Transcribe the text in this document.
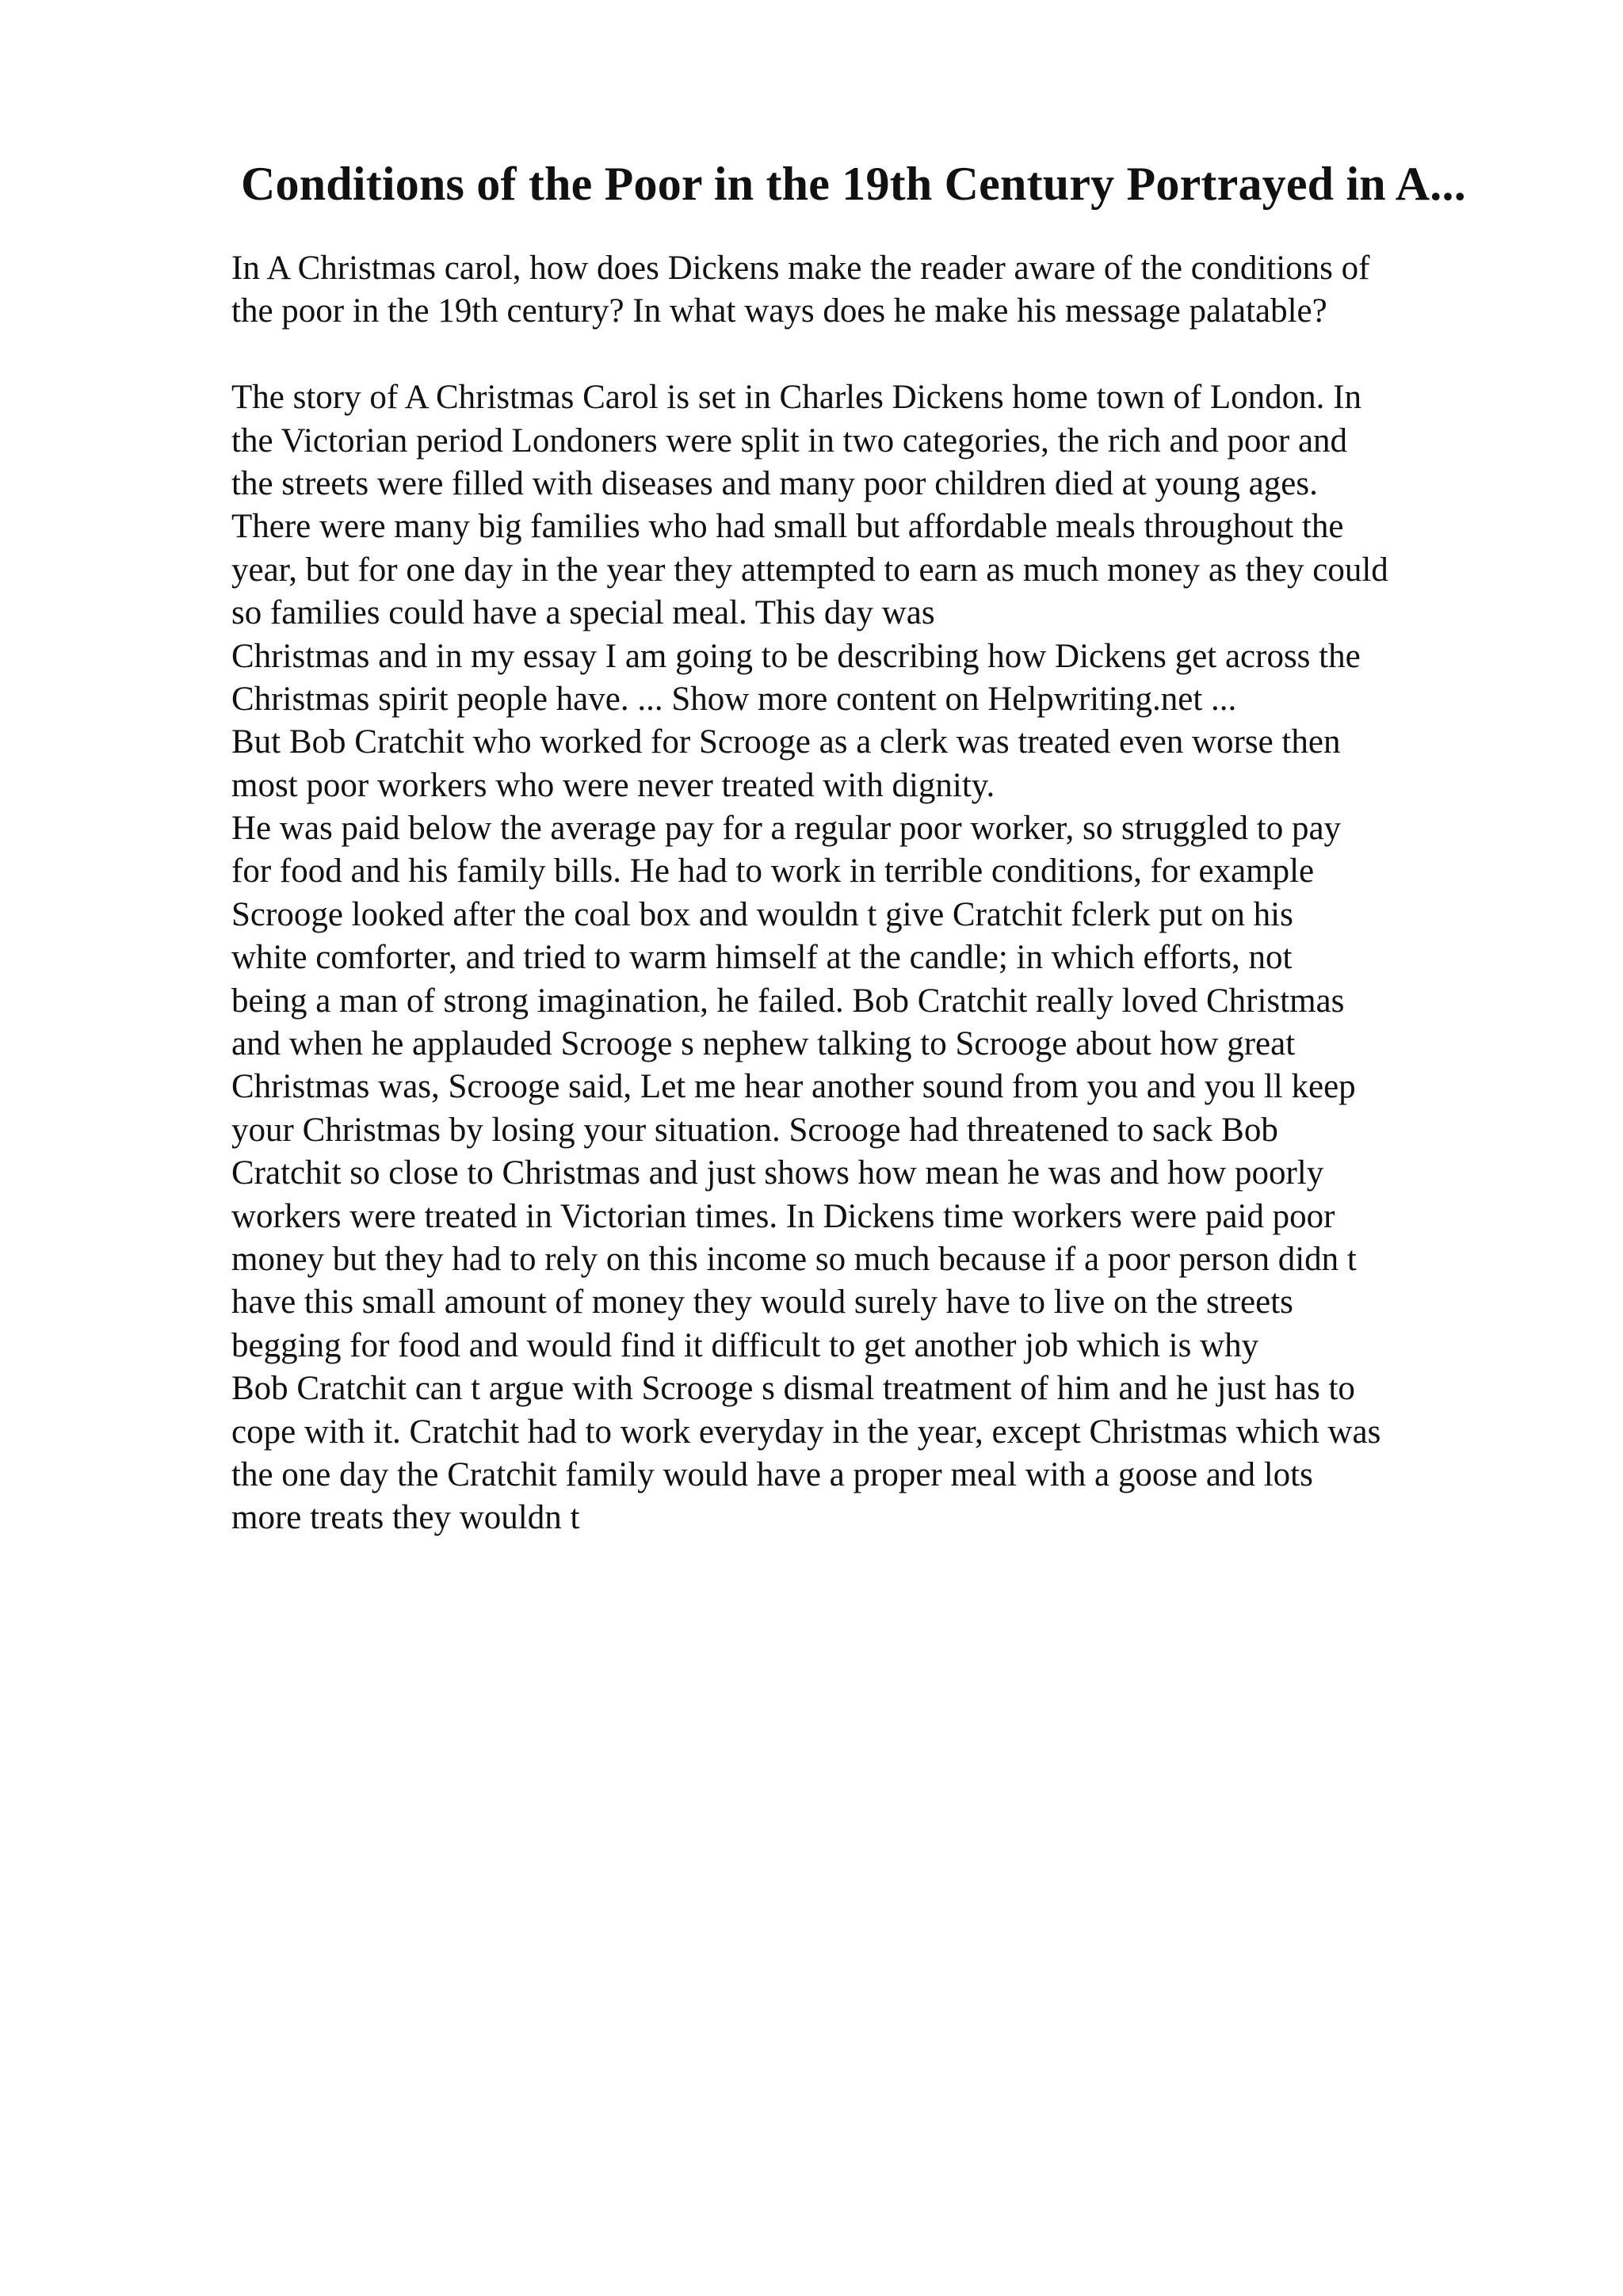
Conditions of the Poor in the 19th Century Portrayed in A...
In A Christmas carol, how does Dickens make the reader aware of the conditions of
the poor in the 19th century? In what ways does he make his message palatable?
The story of A Christmas Carol is set in Charles Dickens home town of London. In
the Victorian period Londoners were split in two categories, the rich and poor and
the streets were filled with diseases and many poor children died at young ages.
There were many big families who had small but affordable meals throughout the
year, but for one day in the year they attempted to earn as much money as they could
so families could have a special meal. This day was
Christmas and in my essay I am going to be describing how Dickens get across the
Christmas spirit people have. ... Show more content on Helpwriting.net ...
But Bob Cratchit who worked for Scrooge as a clerk was treated even worse then
most poor workers who were never treated with dignity.
He was paid below the average pay for a regular poor worker, so struggled to pay
for food and his family bills. He had to work in terrible conditions, for example
Scrooge looked after the coal box and wouldn t give Cratchit fclerk put on his
white comforter, and tried to warm himself at the candle; in which efforts, not
being a man of strong imagination, he failed. Bob Cratchit really loved Christmas
and when he applauded Scrooge s nephew talking to Scrooge about how great
Christmas was, Scrooge said, Let me hear another sound from you and you ll keep
your Christmas by losing your situation. Scrooge had threatened to sack Bob
Cratchit so close to Christmas and just shows how mean he was and how poorly
workers were treated in Victorian times. In Dickens time workers were paid poor
money but they had to rely on this income so much because if a poor person didn t
have this small amount of money they would surely have to live on the streets
begging for food and would find it difficult to get another job which is why
Bob Cratchit can t argue with Scrooge s dismal treatment of him and he just has to
cope with it. Cratchit had to work everyday in the year, except Christmas which was
the one day the Cratchit family would have a proper meal with a goose and lots
more treats they wouldn t
